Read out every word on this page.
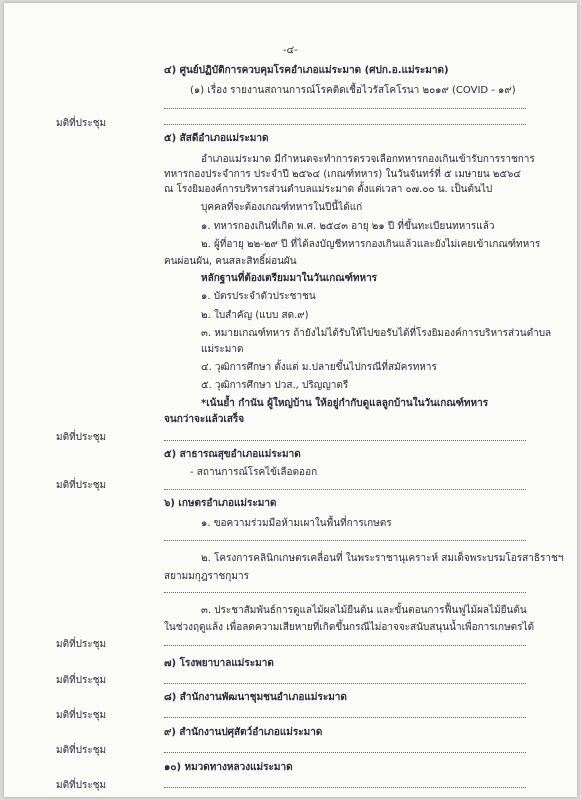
-๔-
๔) ศูนย์ปฏิบัติการควบคุมโรคอำเภอแม่ระมาด (ศปก.อ.แม่ระมาด)
(๑) เรื่อง รายงานสถานการณ์โรคติดเชื้อไวรัสโคโรนา ๒๐๑๙ (COVID - ๑๙)
มติที่ประชุม
๕) สัสดีอำเภอแม่ระมาด
อำเภอแม่ระมาด มีกำหนดจะทำการตรวจเลือกทหารกองเกินเข้ารับการราชการ
ทหารกองประจำการ ประจำปี ๒๕๖๔ (เกณฑ์ทหาร) ในวันจันทร์ที่ ๕ เมษายน ๒๕๖๔
ณ โรงยิมองค์การบริหารส่วนตำบลแม่ระมาด ตั้งแต่เวลา ๐๗.๐๐ น. เป็นต้นไป
บุคคลที่จะต้องเกณฑ์ทหารในปีนี้ได้แก่
๑. ทหารกองเกินที่เกิด พ.ศ. ๒๕๔๓ อายุ ๒๑ ปี ที่ขึ้นทะเบียนทหารแล้ว
๒. ผู้ที่อายุ ๒๒-๒๙ ปี ที่ได้ลงบัญชีทหารกองเกินแล้วและยังไม่เคยเข้าเกณฑ์ทหาร
คนผ่อนผัน, คนสละสิทธิ์ผ่อนผัน
หลักฐานที่ต้องเตรียมมาในวันเกณฑ์ทหาร
๑. บัตรประจำตัวประชาชน
๒. ใบสำคัญ (แบบ สด.๙)
๓. หมายเกณฑ์ทหาร ถ้ายังไม่ได้รับให้ไปขอรับได้ที่โรงยิมองค์การบริหารส่วนตำบล
แม่ระมาด
๔. วุฒิการศึกษา ตั้งแต่ ม.ปลายขึ้นไปกรณีที่สมัครทหาร
๕. วุฒิการศึกษา ปวส., ปริญญาตรี
*เน้นย้ำ กำนัน ผู้ใหญ่บ้าน ให้อยู่กำกับดูแลลูกบ้านในวันเกณฑ์ทหาร
จนกว่าจะแล้วเสร็จ
มติที่ประชุม
๕) สาธารณสุขอำเภอแม่ระมาด
- สถานการณ์โรคไข้เลือดออก
มติที่ประชุม
๖) เกษตรอำเภอแม่ระมาด
๑. ขอความร่วมมือห้ามเผาในพื้นที่การเกษตร
๒. โครงการคลินิกเกษตรเคลื่อนที่ ในพระราชานุเคราะห์ สมเด็จพระบรมโอรสาธิราชฯ
สยามมกุฎราชกุมาร
๓. ประชาสัมพันธ์การดูแลไม้ผลไม้ยืนต้น และขั้นตอนการฟื้นฟูไม้ผลไม้ยืนต้น
ในช่วงฤดูแล้ง เพื่อลดความเสียหายที่เกิดขึ้นกรณีไม่อาจจะสนับสนุนน้ำเพื่อการเกษตรได้
มติที่ประชุม
๗) โรงพยาบาลแม่ระมาด
มติที่ประชุม
๘) สำนักงานพัฒนาชุมชนอำเภอแม่ระมาด
มติที่ประชุม
๙) สำนักงานปศุสัตว์อำเภอแม่ระมาด
มติที่ประชุม
๑๐) หมวดทางหลวงแม่ระมาด
มติที่ประชุม
